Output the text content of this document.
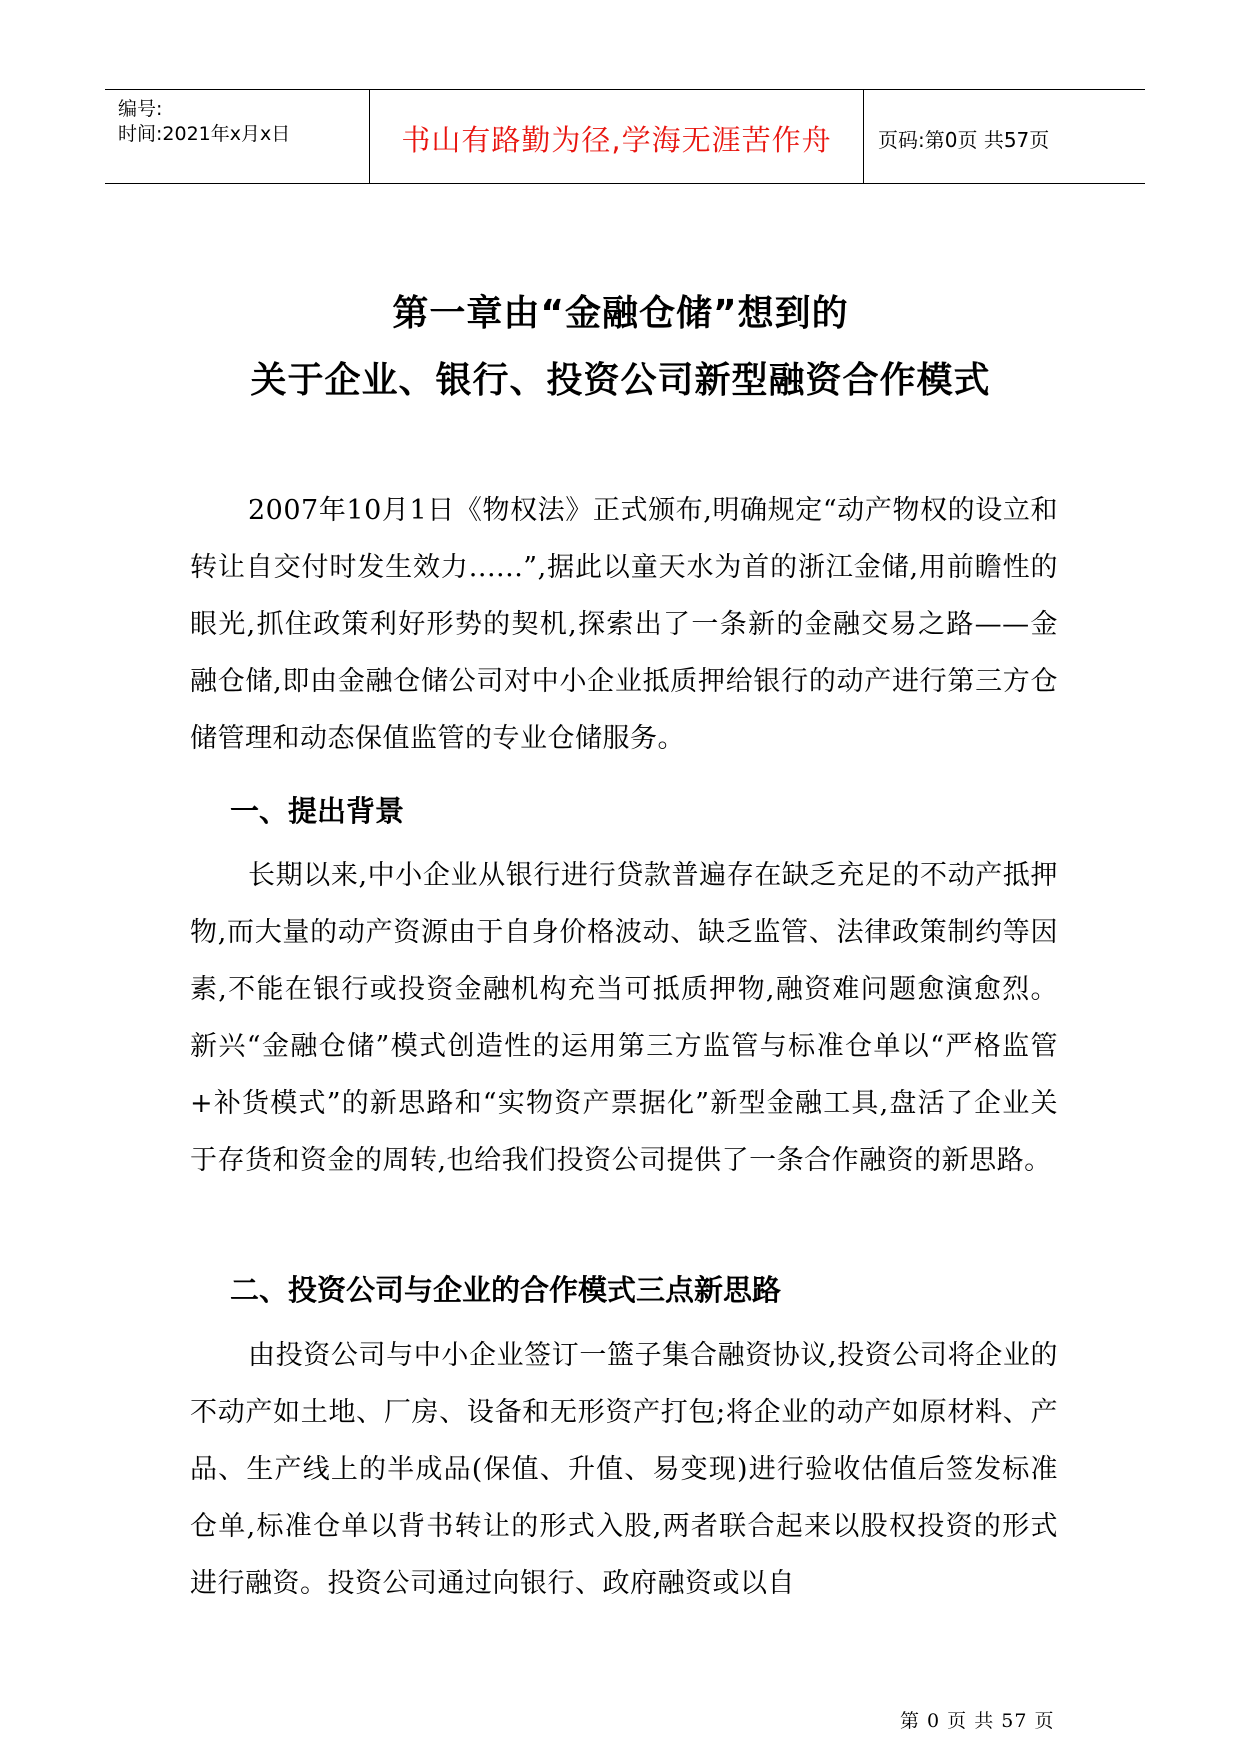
编号:
时间:2021年x月x日	书山有路勤为径,学海无涯苦作舟	页码:第0页 共57页
第一章由“金融仓储”想到的
关于企业、银行、投资公司新型融资合作模式
2007年10月1日《物权法》正式颁布,明确规定“动产物权的设立和转让自交付时发生效力......”,据此以童天水为首的浙江金储,用前瞻性的眼光,抓住政策利好形势的契机,探索出了一条新的金融交易之路——金融仓储,即由金融仓储公司对中小企业抵质押给银行的动产进行第三方仓储管理和动态保值监管的专业仓储服务。
一、提出背景
长期以来,中小企业从银行进行贷款普遍存在缺乏充足的不动产抵押物,而大量的动产资源由于自身价格波动、缺乏监管、法律政策制约等因素,不能在银行或投资金融机构充当可抵质押物,融资难问题愈演愈烈。新兴“金融仓储”模式创造性的运用第三方监管与标准仓单以“严格监管+补货模式”的新思路和“实物资产票据化”新型金融工具,盘活了企业关于存货和资金的周转,也给我们投资公司提供了一条合作融资的新思路。
二、投资公司与企业的合作模式三点新思路
由投资公司与中小企业签订一篮子集合融资协议,投资公司将企业的不动产如土地、厂房、设备和无形资产打包;将企业的动产如原材料、产品、生产线上的半成品(保值、升值、易变现)进行验收估值后签发标准仓单,标准仓单以背书转让的形式入股,两者联合起来以股权投资的形式进行融资。投资公司通过向银行、政府融资或以自
第 0 页 共 57 页
